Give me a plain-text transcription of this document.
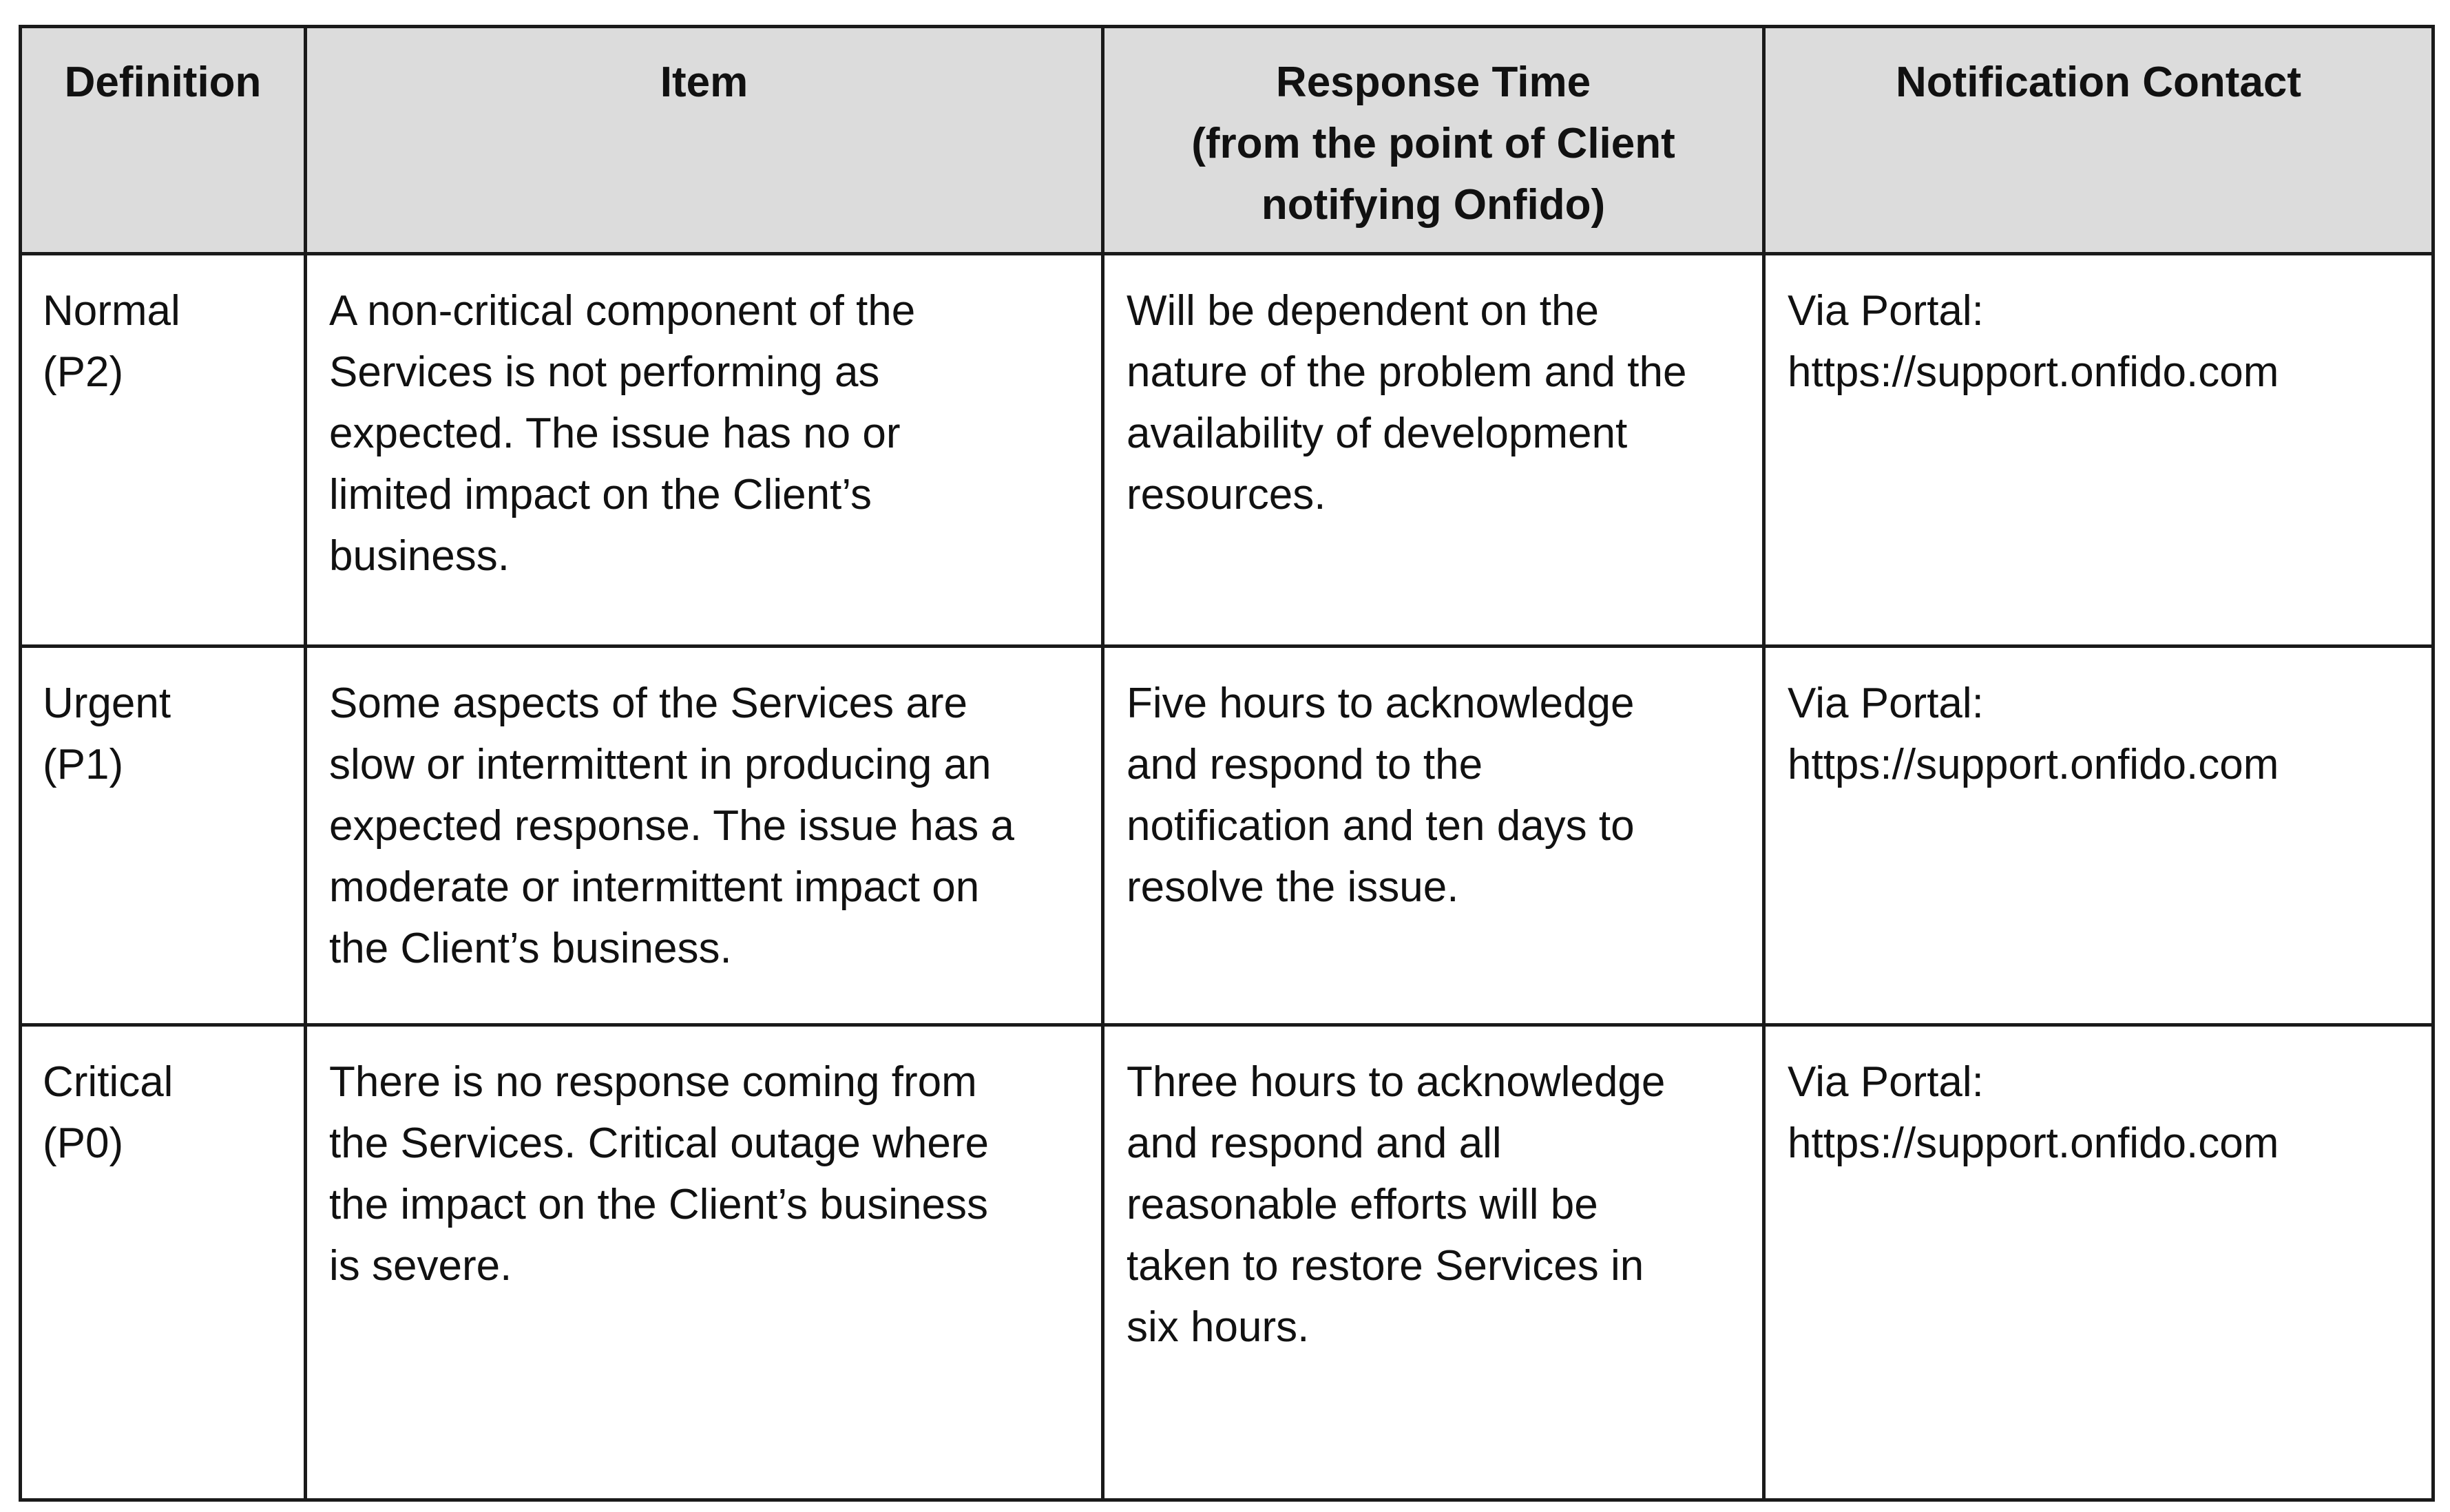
Definition	Item	Response Time
(from the point of Client
notifying Onfido)	Notification Contact

Normal
(P2)	A non-critical component of the
Services is not performing as
expected. The issue has no or
limited impact on the Client’s
business.	Will be dependent on the
nature of the problem and the
availability of development
resources.	Via Portal:
https://support.onfido.com

Urgent
(P1)	Some aspects of the Services are
slow or intermittent in producing an
expected response. The issue has a
moderate or intermittent impact on
the Client’s business.	Five hours to acknowledge
and respond to the
notification and ten days to
resolve the issue.	Via Portal:
https://support.onfido.com

Critical
(P0)	There is no response coming from
the Services. Critical outage where
the impact on the Client’s business
is severe.	Three hours to acknowledge
and respond and all
reasonable efforts will be
taken to restore Services in
six hours.	Via Portal:
https://support.onfido.com
